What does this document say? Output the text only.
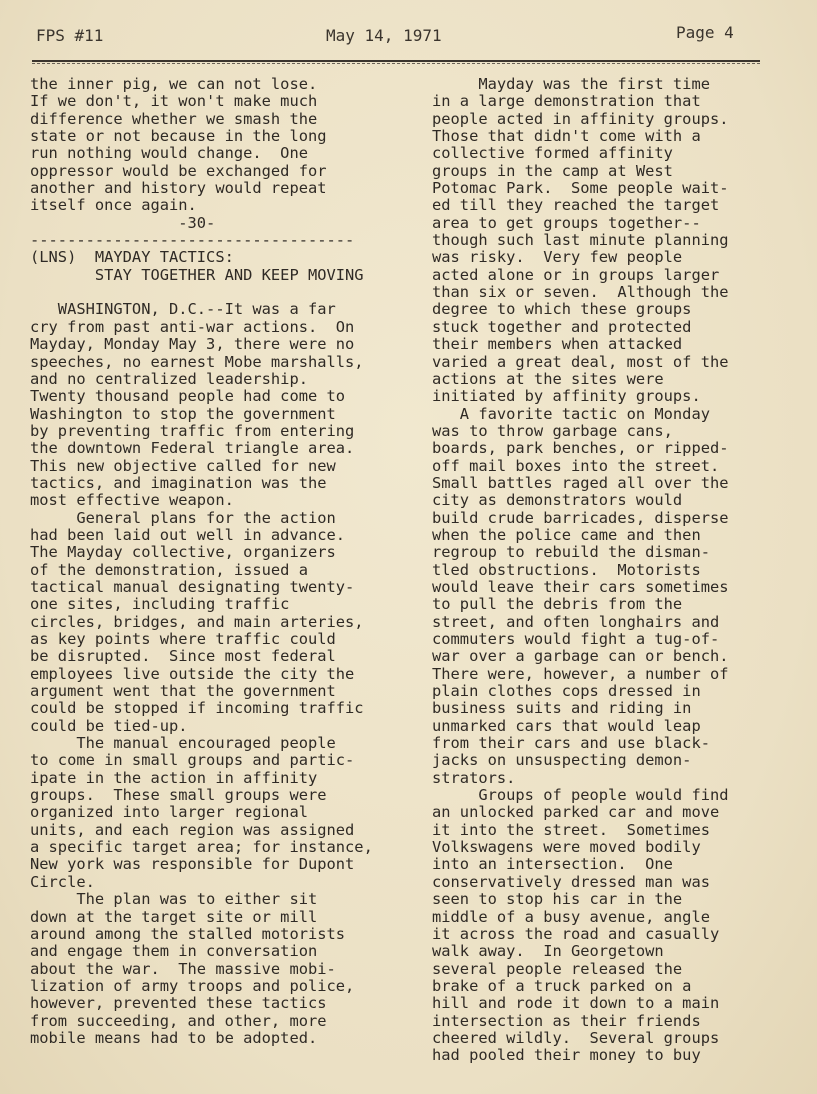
FPS #11	May 14, 1971	Page 4
the inner pig, we can not lose.
If we don't, it won't make much
difference whether we smash the
state or not because in the long
run nothing would change.  One
oppressor would be exchanged for
another and history would repeat
itself once again.
-30-
-----------------------------------
(LNS)  MAYDAY TACTICS:
STAY TOGETHER AND KEEP MOVING

WASHINGTON, D.C.--It was a far
cry from past anti-war actions.  On
Mayday, Monday May 3, there were no
speeches, no earnest Mobe marshalls,
and no centralized leadership.
Twenty thousand people had come to
Washington to stop the government
by preventing traffic from entering
the downtown Federal triangle area.
This new objective called for new
tactics, and imagination was the
most effective weapon.
General plans for the action
had been laid out well in advance.
The Mayday collective, organizers
of the demonstration, issued a
tactical manual designating twenty-
one sites, including traffic
circles, bridges, and main arteries,
as key points where traffic could
be disrupted.  Since most federal
employees live outside the city the
argument went that the government
could be stopped if incoming traffic
could be tied-up.
The manual encouraged people
to come in small groups and partic-
ipate in the action in affinity
groups.  These small groups were
organized into larger regional
units, and each region was assigned
a specific target area; for instance,
New york was responsible for Dupont
Circle.
The plan was to either sit
down at the target site or mill
around among the stalled motorists
and engage them in conversation
about the war.  The massive mobi-
lization of army troops and police,
however, prevented these tactics
from succeeding, and other, more
mobile means had to be adopted.
Mayday was the first time
in a large demonstration that
people acted in affinity groups.
Those that didn't come with a
collective formed affinity
groups in the camp at West
Potomac Park.  Some people wait-
ed till they reached the target
area to get groups together--
though such last minute planning
was risky.  Very few people
acted alone or in groups larger
than six or seven.  Although the
degree to which these groups
stuck together and protected
their members when attacked
varied a great deal, most of the
actions at the sites were
initiated by affinity groups.
A favorite tactic on Monday
was to throw garbage cans,
boards, park benches, or ripped-
off mail boxes into the street.
Small battles raged all over the
city as demonstrators would
build crude barricades, disperse
when the police came and then
regroup to rebuild the disman-
tled obstructions.  Motorists
would leave their cars sometimes
to pull the debris from the
street, and often longhairs and
commuters would fight a tug-of-
war over a garbage can or bench.
There were, however, a number of
plain clothes cops dressed in
business suits and riding in
unmarked cars that would leap
from their cars and use black-
jacks on unsuspecting demon-
strators.
Groups of people would find
an unlocked parked car and move
it into the street.  Sometimes
Volkswagens were moved bodily
into an intersection.  One
conservatively dressed man was
seen to stop his car in the
middle of a busy avenue, angle
it across the road and casually
walk away.  In Georgetown
several people released the
brake of a truck parked on a
hill and rode it down to a main
intersection as their friends
cheered wildly.  Several groups
had pooled their money to buy
